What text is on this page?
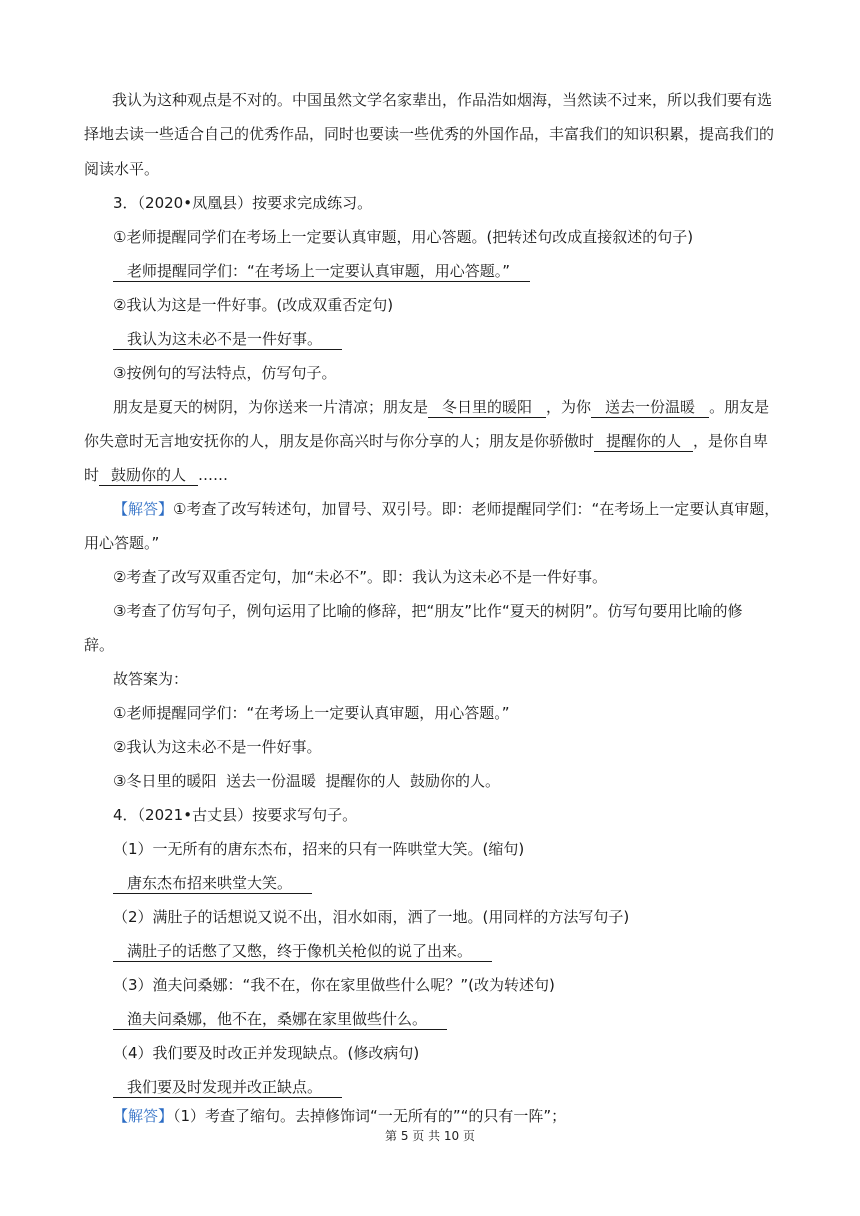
我认为这种观点是不对的。中国虽然文学名家辈出，作品浩如烟海，当然读不过来，所以我们要有选
择地去读一些适合自己的优秀作品，同时也要读一些优秀的外国作品，丰富我们的知识积累，提高我们的
阅读水平。
3．（2020•凤凰县）按要求完成练习。
①老师提醒同学们在考场上一定要认真审题，用心答题。(把转述句改成直接叙述的句子)
老师提醒同学们：“在考场上一定要认真审题，用心答题。”
②我认为这是一件好事。(改成双重否定句)
我认为这未必不是一件好事。
③按例句的写法特点，仿写句子。
朋友是夏天的树阴，为你送来一片清凉；朋友是 冬日里的暖阳 ，为你 送去一份温暖 。朋友是
你失意时无言地安抚你的人，朋友是你高兴时与你分享的人；朋友是你骄傲时 提醒你的人 ，是你自卑
时 鼓励你的人 ……
【解答】①考查了改写转述句，加冒号、双引号。即：老师提醒同学们：“在考场上一定要认真审题，
用心答题。”
②考查了改写双重否定句，加“未必不”。即：我认为这未必不是一件好事。
③考查了仿写句子，例句运用了比喻的修辞，把“朋友”比作“夏天的树阴”。仿写句要用比喻的修
辞。
故答案为：
①老师提醒同学们：“在考场上一定要认真审题，用心答题。”
②我认为这未必不是一件好事。
③冬日里的暖阳  送去一份温暖  提醒你的人  鼓励你的人。
4．（2021•古丈县）按要求写句子。
（1）一无所有的唐东杰布，招来的只有一阵哄堂大笑。(缩句)
唐东杰布招来哄堂大笑。
（2）满肚子的话想说又说不出，泪水如雨，洒了一地。(用同样的方法写句子)
满肚子的话憋了又憋，终于像机关枪似的说了出来。
（3）渔夫问桑娜：“我不在，你在家里做些什么呢？”(改为转述句)
渔夫问桑娜，他不在，桑娜在家里做些什么。
（4）我们要及时改正并发现缺点。(修改病句)
我们要及时发现并改正缺点。
【解答】（1）考查了缩句。去掉修饰词“一无所有的”“的只有一阵”；
第 5 页 共 10 页
